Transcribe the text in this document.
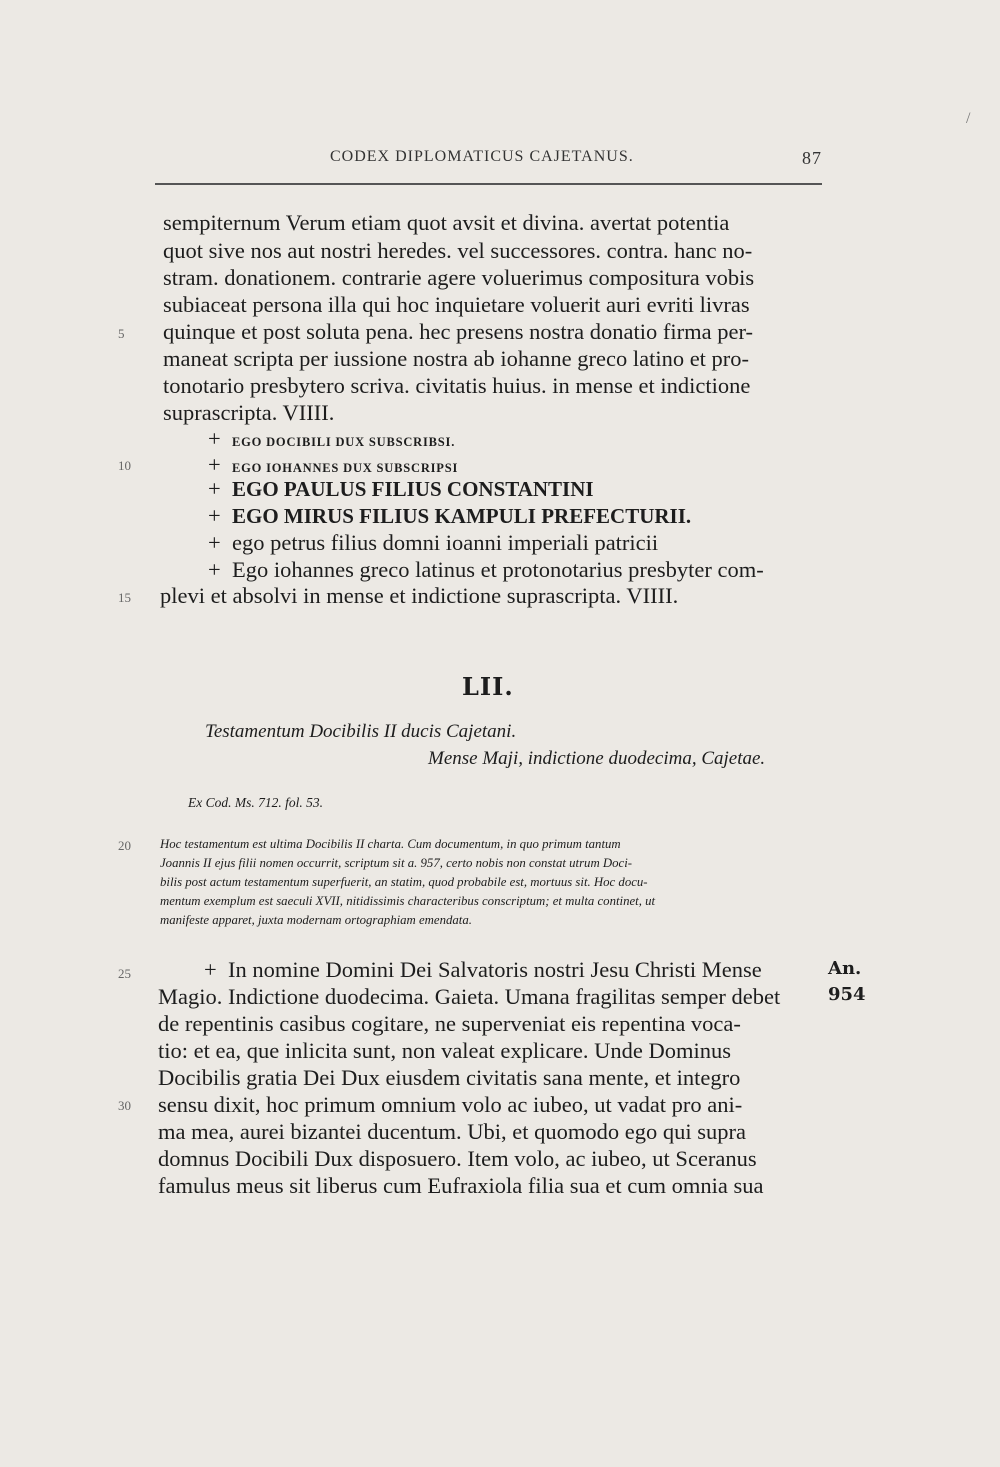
/
CODEX DIPLOMATICUS CAJETANUS.	87
sempiternum Verum etiam quot avsit et divina. avertat potentia
quot sive nos aut nostri heredes. vel successores. contra. hanc no-
stram. donationem. contrarie agere voluerimus compositura vobis
subiaceat persona illa qui hoc inquietare voluerit auri evriti livras
5 quinque et post soluta pena. hec presens nostra donatio firma per-
maneat scripta per iussione nostra ab iohanne greco latino et pro-
tonotario presbytero scriva. civitatis huius. in mense et indictione
suprascripta. VIIII.
+ EGO DOCIBILI DUX SUBSCRIBSI.
10	+ EGO IOHANNES DUX SUBSCRIPSI
+ EGO PAULUS FILIUS CONSTANTINI
+ EGO MIRUS FILIUS KAMPULI PREFECTURII.
+ ego petrus filius domni ioanni imperiali patricii
+ Ego iohannes greco latinus et protonotarius presbyter com-
15 plevi et absolvi in mense et indictione suprascripta. VIIII.
LII.
Testamentum Docibilis II ducis Cajetani.
Mense Maji, indictione duodecima, Cajetae.
Ex Cod. Ms. 712. fol. 53.
20 Hoc testamentum est ultima Docibilis II charta. Cum documentum, in quo primum tantum
Joannis II ejus filii nomen occurrit, scriptum sit a. 957, certo nobis non constat utrum Doci-
bilis post actum testamentum superfuerit, an statim, quod probabile est, mortuus sit. Hoc docu-
mentum exemplum est saeculi XVII, nitidissimis characteribus conscriptum; et multa continet, ut
manifeste apparet, juxta modernam ortographiam emendata.
An.
954
25	+ In nomine Domini Dei Salvatoris nostri Jesu Christi Mense
Magio. Indictione duodecima. Gaieta. Umana fragilitas semper debet
de repentinis casibus cogitare, ne superveniat eis repentina voca-
tio: et ea, que inlicita sunt, non valeat explicare. Unde Dominus
Docibilis gratia Dei Dux eiusdem civitatis sana mente, et integro
30 sensu dixit, hoc primum omnium volo ac iubeo, ut vadat pro ani-
ma mea, aurei bizantei ducentum. Ubi, et quomodo ego qui supra
domnus Docibili Dux disposuero. Item volo, ac iubeo, ut Sceranus
famulus meus sit liberus cum Eufraxiola filia sua et cum omnia sua
